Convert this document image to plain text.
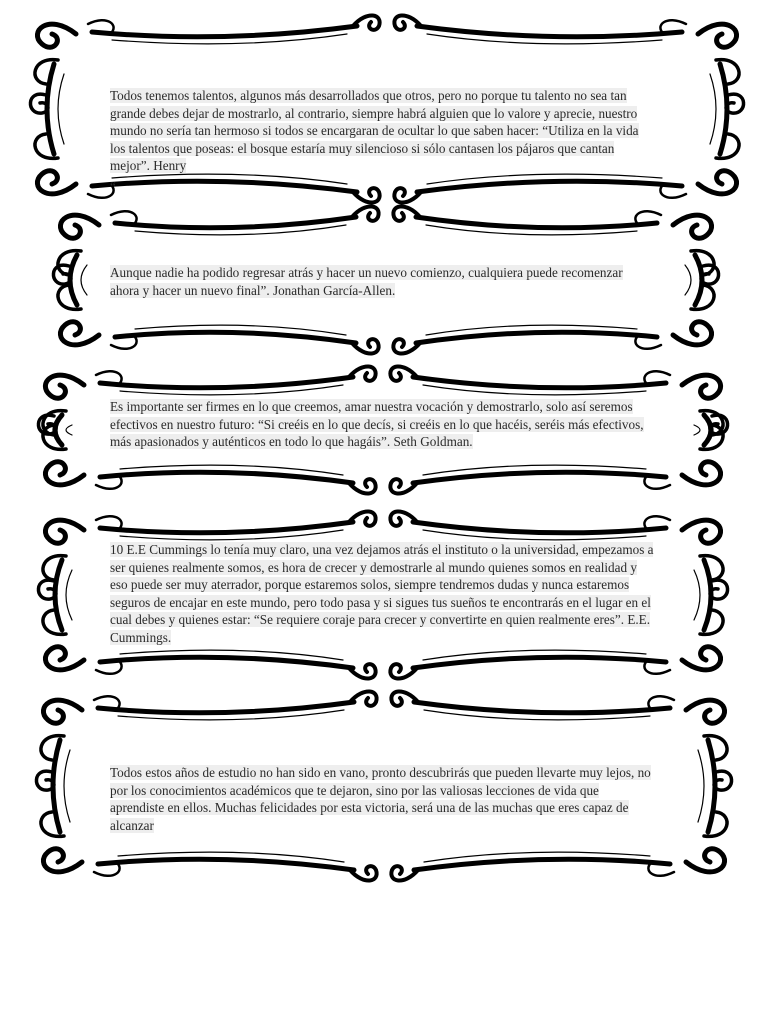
Todos tenemos talentos, algunos más desarrollados que otros, pero no porque tu talento no sea tan grande debes dejar de mostrarlo, al contrario, siempre habrá alguien que lo valore y aprecie, nuestro mundo no sería tan hermoso si todos se encargaran de ocultar lo que saben hacer: “Utiliza en la vida los talentos que poseas: el bosque estaría muy silencioso si sólo cantasen los pájaros que cantan mejor”. Henry
“
Aunque nadie ha podido regresar atrás y hacer un nuevo comienzo, cualquiera puede recomenzar ahora y hacer un nuevo final”. Jonathan García-Allen.
Es importante ser firmes en lo que creemos, amar nuestra vocación y demostrarlo, solo así seremos efectivos en nuestro futuro: “Si creéis en lo que decís, si creéis en lo que hacéis, seréis más efectivos, más apasionados y auténticos en todo lo que hagáis”. Seth Goldman.
10 E.E Cummings lo tenía muy claro, una vez dejamos atrás el instituto o la universidad, empezamos a ser quienes realmente somos, es hora de crecer y demostrarle al mundo quienes somos en realidad y eso puede ser muy aterrador, porque estaremos solos, siempre tendremos dudas y nunca estaremos seguros de encajar en este mundo, pero todo pasa y si sigues tus sueños te encontrarás en el lugar en el cual debes y quienes estar: “Se requiere coraje para crecer y convertirte en quien realmente eres”. E.E. Cummings.
Todos estos años de estudio no han sido en vano, pronto descubrirás que pueden llevarte muy lejos, no por los conocimientos académicos que te dejaron, sino por las valiosas lecciones de vida que aprendiste en ellos. Muchas felicidades por esta victoria, será una de las muchas que eres capaz de alcanzar
